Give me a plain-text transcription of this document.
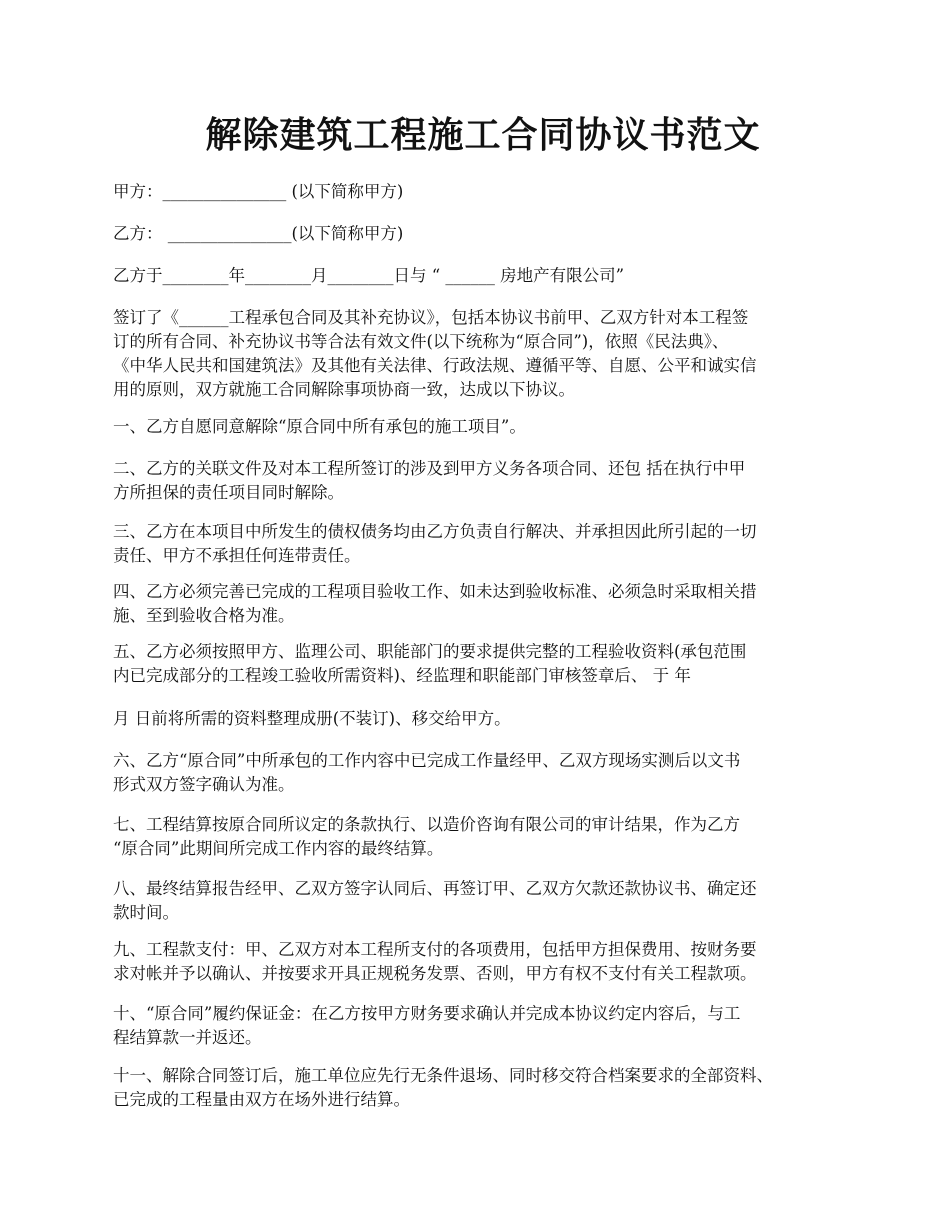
解除建筑工程施工合同协议书范文

甲方：_______________ (以下简称甲方)

乙方： _______________(以下简称甲方)

乙方于________年________月________日与 “ ______ 房地产有限公司”

签订了《______工程承包合同及其补充协议》，包括本协议书前甲、乙双方针对本工程签
订的所有合同、补充协议书等合法有效文件(以下统称为“原合同”)，依照《民法典》、
《中华人民共和国建筑法》及其他有关法律、行政法规、遵循平等、自愿、公平和诚实信
用的原则，双方就施工合同解除事项协商一致，达成以下协议。

一、乙方自愿同意解除“原合同中所有承包的施工项目”。

二、乙方的关联文件及对本工程所签订的涉及到甲方义务各项合同、还包 括在执行中甲
方所担保的责任项目同时解除。

三、乙方在本项目中所发生的债权债务均由乙方负责自行解决、并承担因此所引起的一切
责任、甲方不承担任何连带责任。

四、乙方必须完善已完成的工程项目验收工作、如未达到验收标准、必须急时采取相关措
施、至到验收合格为准。

五、乙方必须按照甲方、监理公司、职能部门的要求提供完整的工程验收资料(承包范围
内已完成部分的工程竣工验收所需资料)、经监理和职能部门审核签章后、 于 年

月 日前将所需的资料整理成册(不装订)、移交给甲方。

六、乙方“原合同”中所承包的工作内容中已完成工作量经甲、乙双方现场实测后以文书
形式双方签字确认为准。

七、工程结算按原合同所议定的条款执行、以造价咨询有限公司的审计结果，作为乙方
“原合同”此期间所完成工作内容的最终结算。

八、最终结算报告经甲、乙双方签字认同后、再签订甲、乙双方欠款还款协议书、确定还
款时间。

九、工程款支付：甲、乙双方对本工程所支付的各项费用，包括甲方担保费用、按财务要
求对帐并予以确认、并按要求开具正规税务发票、否则，甲方有权不支付有关工程款项。

十、“原合同”履约保证金：在乙方按甲方财务要求确认并完成本协议约定内容后，与工
程结算款一并返还。

十一、解除合同签订后，施工单位应先行无条件退场、同时移交符合档案要求的全部资料、
已完成的工程量由双方在场外进行结算。
